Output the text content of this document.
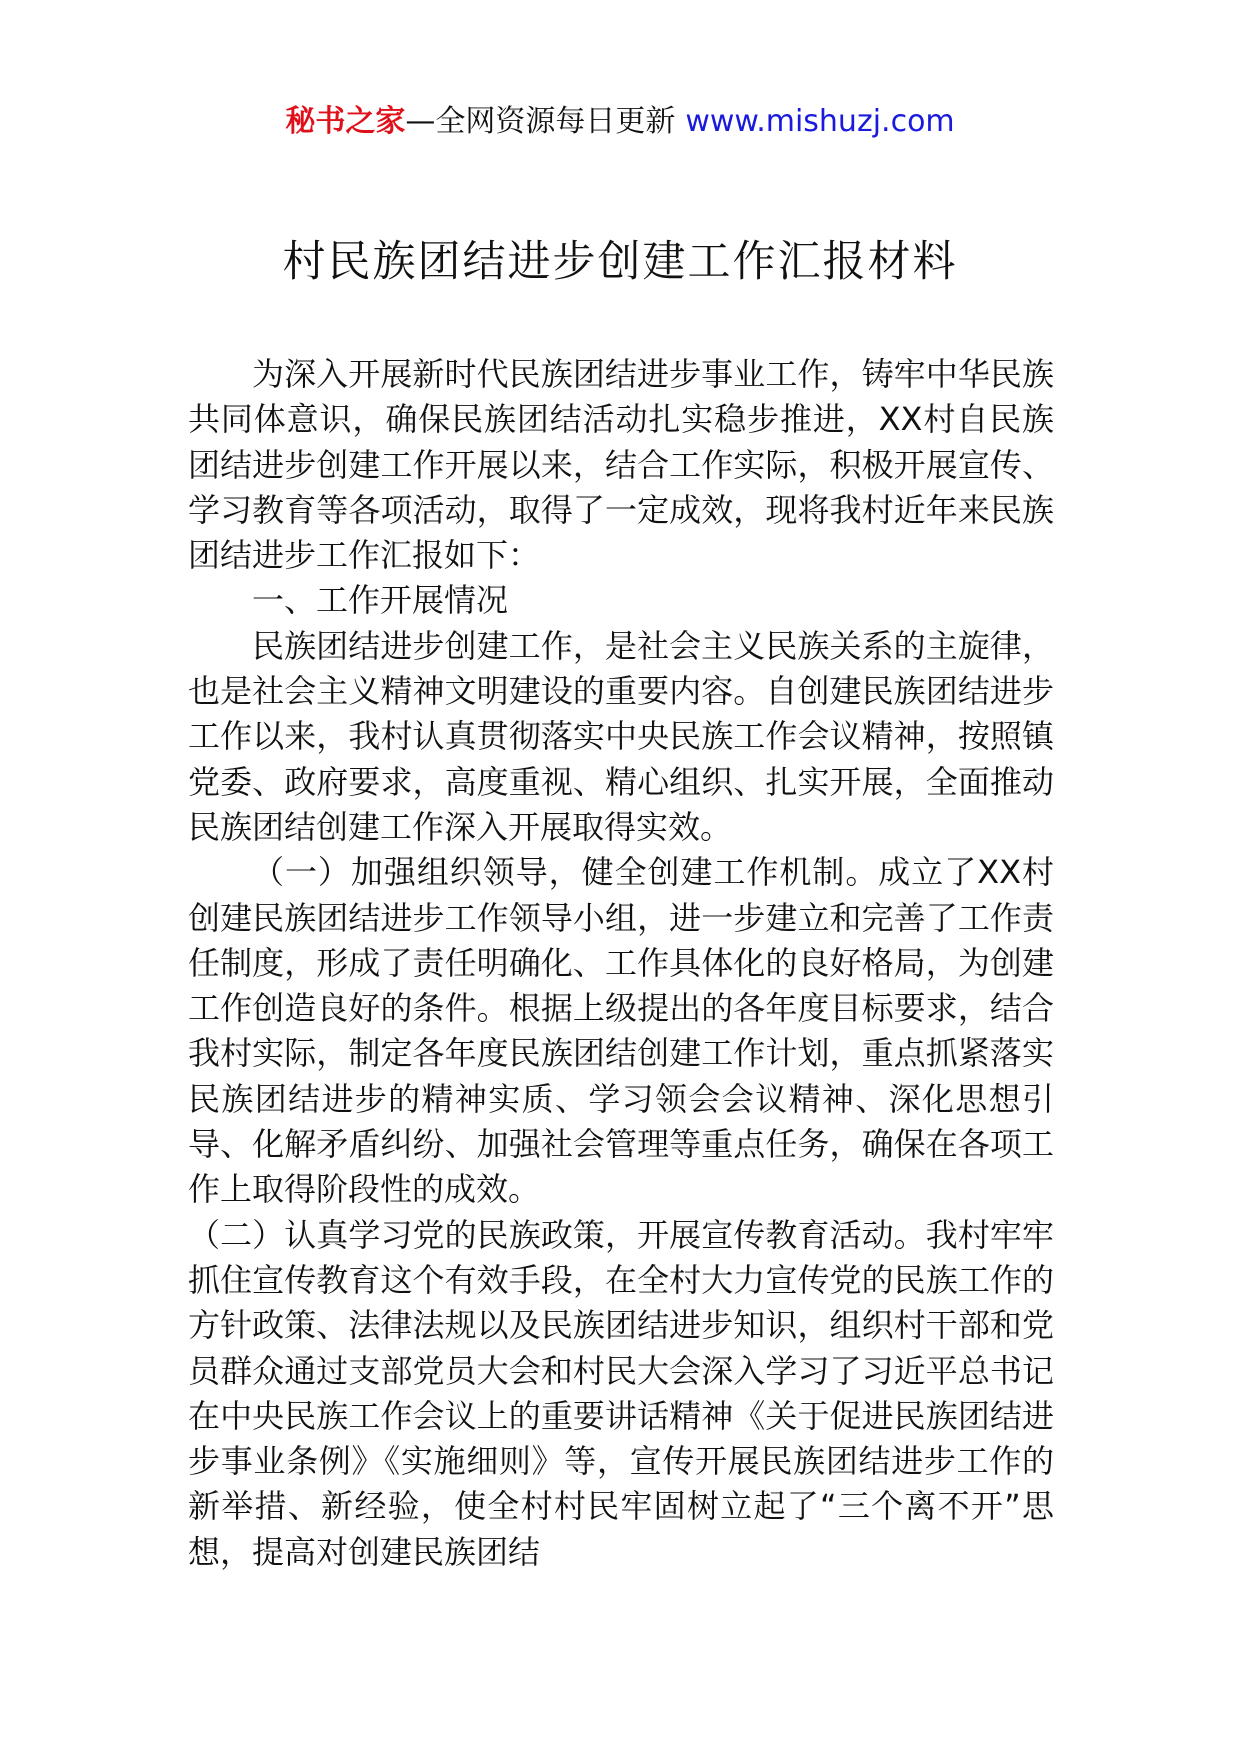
秘书之家—全网资源每日更新 www.mishuzj.com
村民族团结进步创建工作汇报材料

为深入开展新时代民族团结进步事业工作，铸牢中华民族共同体意识，确保民族团结活动扎实稳步推进，XX村自民族团结进步创建工作开展以来，结合工作实际，积极开展宣传、学习教育等各项活动，取得了一定成效，现将我村近年来民族团结进步工作汇报如下：

一、工作开展情况

民族团结进步创建工作，是社会主义民族关系的主旋律，也是社会主义精神文明建设的重要内容。自创建民族团结进步工作以来，我村认真贯彻落实中央民族工作会议精神，按照镇党委、政府要求，高度重视、精心组织、扎实开展，全面推动民族团结创建工作深入开展取得实效。

（一）加强组织领导，健全创建工作机制。成立了XX村创建民族团结进步工作领导小组，进一步建立和完善了工作责任制度，形成了责任明确化、工作具体化的良好格局，为创建工作创造良好的条件。根据上级提出的各年度目标要求，结合我村实际，制定各年度民族团结创建工作计划，重点抓紧落实民族团结进步的精神实质、学习领会会议精神、深化思想引导、化解矛盾纠纷、加强社会管理等重点任务，确保在各项工作上取得阶段性的成效。

（二）认真学习党的民族政策，开展宣传教育活动。我村牢牢抓住宣传教育这个有效手段，在全村大力宣传党的民族工作的方针政策、法律法规以及民族团结进步知识，组织村干部和党员群众通过支部党员大会和村民大会深入学习了习近平总书记在中央民族工作会议上的重要讲话精神《关于促进民族团结进步事业条例》《实施细则》等，宣传开展民族团结进步工作的新举措、新经验，使全村村民牢固树立起了“三个离不开”思想，提高对创建民族团结
